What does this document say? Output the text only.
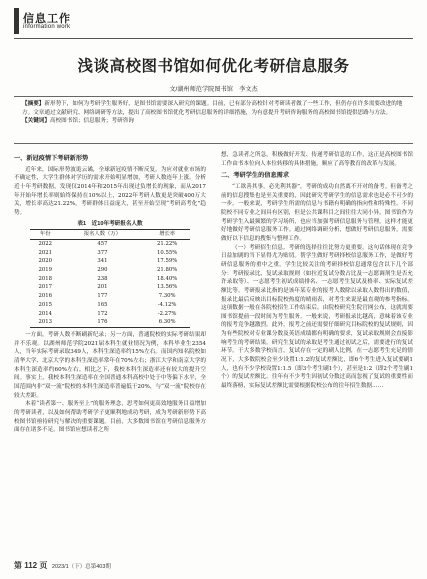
信息工作
information work
浅谈高校图书馆如何优化考研信息服务
文/湖州师范学院图书馆　李文杰
【摘要】新形势下，如何为考研学生服务好，是图书馆需要深入研究的课题。目前，已有部分高校针对考研读者做了一些工作，但仍存在许多需要改进的地方。文章通过文献研究、网络调研等方法，提出了高校图书馆优化考研信息服务的详细措施，为有意提升考研咨询服务的高校图书馆提供思路与方法。
【关键词】高校图书馆；信息服务；考研咨询

一、新冠疫情下考研新形势

近年来，国际形势波诡云谲，全球新冠疫情不断反复。为应对就业市场的不确定性，大学生群体对学历的需求开始明显增加，考研人数连年上涨。分析近十年考研数据，发现仅2014年和2015年出现过负增长的现象，而从2017年开始年增长率则始终保持在10%以上，2022年考研人数更是突破400万大关，增长率高达21.22%，考研群体日益庞大，甚至开始呈现“考研高考化”趋势。

表1　近10年考研报名人数
年份	报名人数（万）	增长率
2022	457	21.22%
2021	377	10.55%
2020	341	17.59%
2019	290	21.80%
2018	238	18.40%
2017	201	13.56%
2016	177	7.30%
2015	165	-4.12%
2014	172	-2.27%
2013	176	6.30%

一方面，考研人数不断刷新纪录；另一方面，普通院校的实际考研结果却并不乐观。以湖州师范学院2021届本科生就业情况为例，本科毕业生2354人，当年实际考研录取349人，本科生深造率约15%左右。而国内知名院校如清华大学、北京大学的本科生深造率常年在70%左右；浙江大学和南京大学的本科生深造率约60%左右。相比之下，我校本科生深造率还有较大的提升空间。事实上，我校本科生深造率在全国普通本科高校中处于中等偏下水平，全国范围内非“双一流”院校的本科生深造率普遍低于20%，与“双一流”院校存在较大差距。

本着“读者第一、服务至上”的服务理念，思考如何更高效地服务目益增加的考研读者，以及如何帮助考研学子更顺利地成功考研，成为考研新形势下高校图书馆亟待研究与解决的重要课题。目前，大多数图书馆在考研信息服务方面存在诸多不足，图书馆应想读者之所

想，急读者之所急，积极做好开发、传递考研信息的工作，这正是高校图书馆工作由书本位向人本位转移的具体措施，顺应了高等教育的改革与发展。

二、考研学生的信息需求

“工欲善其事，必先利其器”，考研的成功自然离不开对的备考。但备考之前的信息搜集也是至关重要的，因此研究考研学生的信息需求也是必不可少的一步。一般来说，考研学生所需的信息与书籍有明确的指向性和特殊性，不同院校不同专业之间具有区别，但是公共课科目之间往往大同小异。图书馆作为考研学生入最频繁的学习场所，也应当加强考研信息服务与管理，这样才能更好地做好考研信息服务工作。通过网络调研分析，想做好考研信息服务，需要做好以下信息的搜集与整理工作。

（一）考研招生信息。考研的选择往往比努力更重要。这句话体现在竞争日益加剧的当下显得尤为贴切。帮学生做好考研择校信息服务工作，是做好考研信息服务的重中之重。学生比较关注的考研择校信息通常包含以下几个部分：考研报录比、复试录取规则（如拉近复试分数占比及一志愿调剂生是否允许录取等）、一志愿考生初试成绩排名、一志愿考生复试及格率、实际复试差额比等。考研报录比指的是该年某专业的报考人数除以录取人数得出的数值，报录比最后反映出目标院校热度的晴雨表，对考生来说是最直观的参考指标。这项数据一般在各院校招生工作结束后，由院校研究生院官网公布，这就需要图书馆提前一段时间为考生服务。一般来说，考研报录比越高，意味着该专业的报考竞争越激烈。此外，报考之前还需要仔细研究目标院校的复试规则，因为有些院校对专业课分数及英语成绩都有明确的要求，复试录取规则会直接影响考生的考研结果。研究生复试的录取是考生通过初试之后，需要进行的复试环节。于大多数学校而言，复试存在一定的刷人比例，在一志愿考生充足的情况下，大多数院校会至少设置1:1.2的复试差额比，即6个考生进入复试要刷1人，也有不少学校设置1:1.5（即3个考生刷1个），甚至是1:2（即2个考生刷1个）的复试差额比。往年有不少考生因初试分数过高而忽视了复试的重要性而最终落榜，实际复试差额比需要根据院校公布的往年招生数据……

第 112 页 2023/1（下）总第403期
